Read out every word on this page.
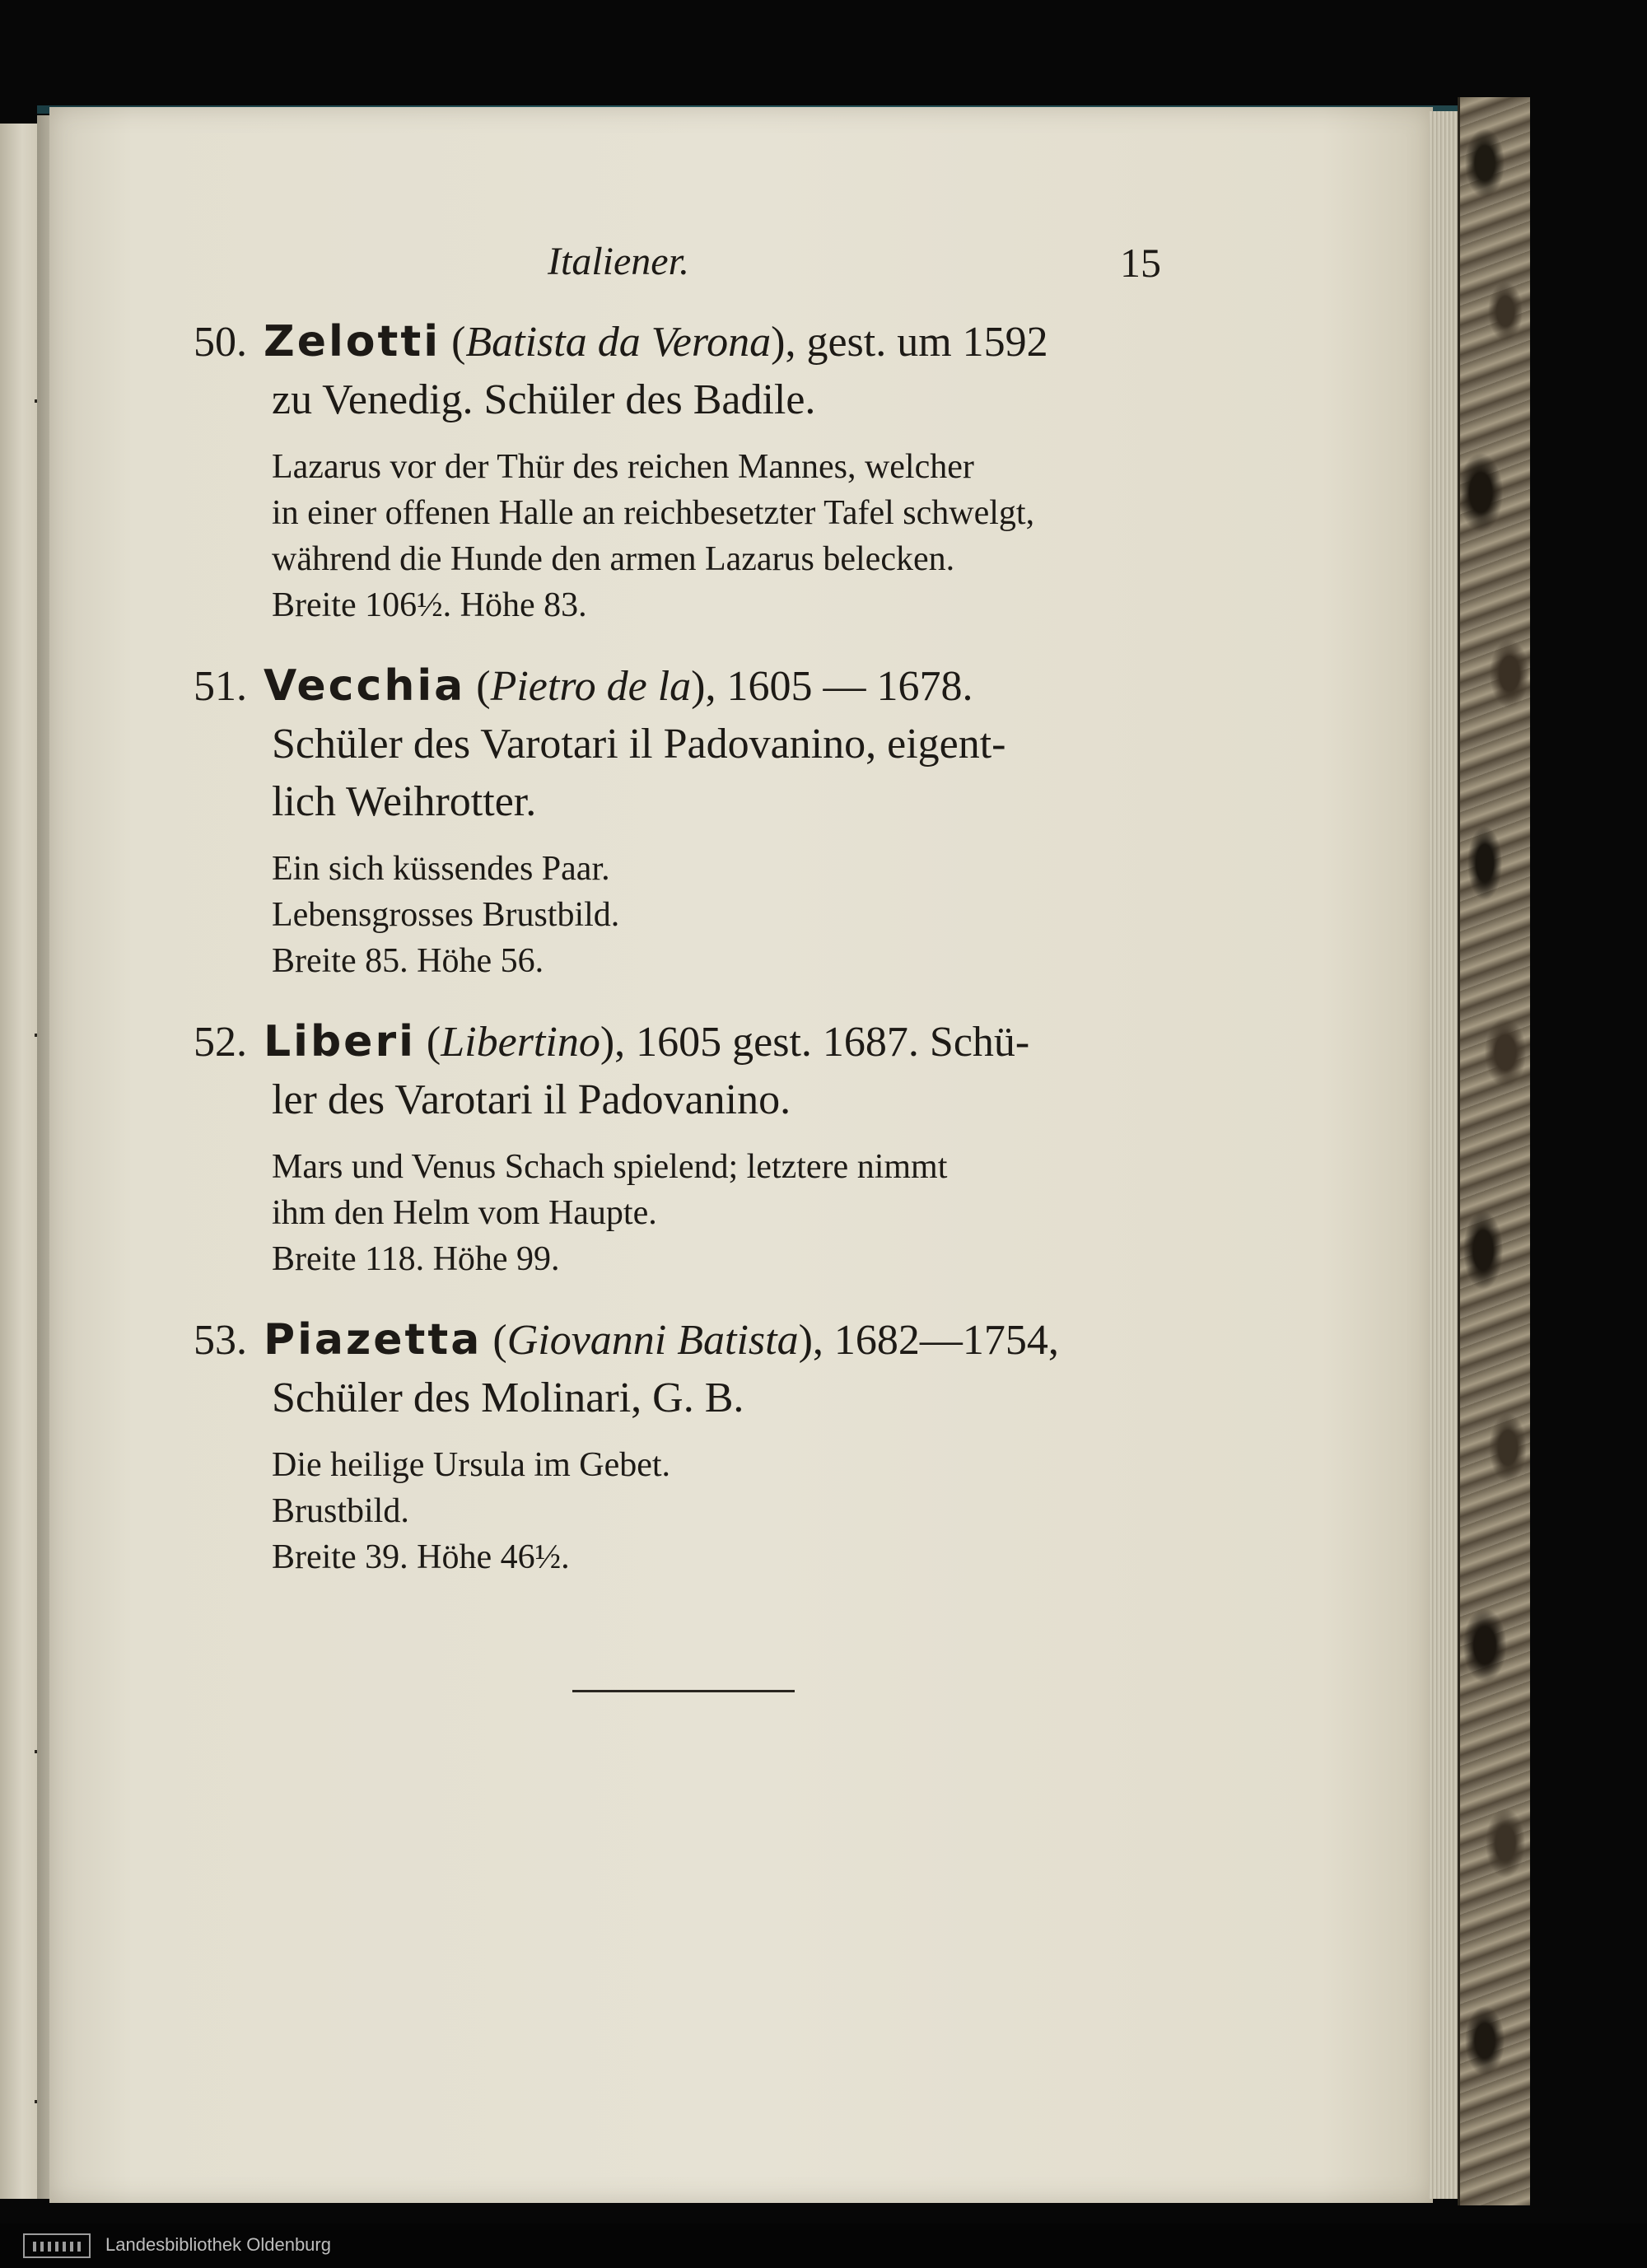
Italiener.	15
50. Zelotti (Batista da Verona), gest. um 1592
zu Venedig. Schüler des Badile.
Lazarus vor der Thür des reichen Mannes, welcher
in einer offenen Halle an reichbesetzter Tafel schwelgt,
während die Hunde den armen Lazarus belecken.
Breite 106½. Höhe 83.
51. Vecchia (Pietro de la), 1605 — 1678.
Schüler des Varotari il Padovanino, eigent-
lich Weihrotter.
Ein sich küssendes Paar.
Lebensgrosses Brustbild.
Breite 85. Höhe 56.
52. Liberi (Libertino), 1605 gest. 1687. Schü-
ler des Varotari il Padovanino.
Mars und Venus Schach spielend; letztere nimmt
ihm den Helm vom Haupte.
Breite 118. Höhe 99.
53. Piazetta (Giovanni Batista), 1682—1754,
Schüler des Molinari, G. B.
Die heilige Ursula im Gebet.
Brustbild.
Breite 39. Höhe 46½.
Landesbibliothek Oldenburg
